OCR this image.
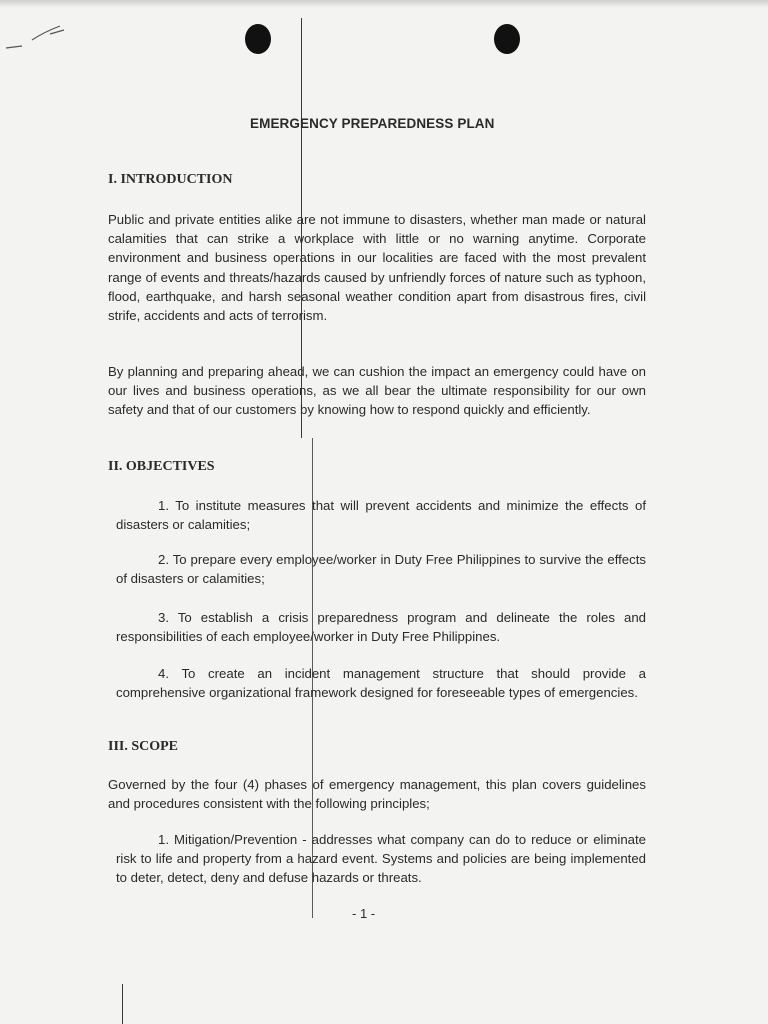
EMERGENCY PREPAREDNESS PLAN
I. INTRODUCTION
Public and private entities alike are not immune to disasters, whether man made or natural calamities that can strike a workplace with little or no warning anytime. Corporate environment and business operations in our localities are faced with the most prevalent range of events and threats/hazards caused by unfriendly forces of nature such as typhoon, flood, earthquake, and harsh seasonal weather condition apart from disastrous fires, civil strife, accidents and acts of terrorism.
By planning and preparing ahead, we can cushion the impact an emergency could have on our lives and business operations, as we all bear the ultimate responsibility for our own safety and that of our customers by knowing how to respond quickly and efficiently.
II. OBJECTIVES
1. To institute measures that will prevent accidents and minimize the effects of disasters or calamities;
2. To prepare every employee/worker in Duty Free Philippines to survive the effects of disasters or calamities;
3. To establish a crisis preparedness program and delineate the roles and responsibilities of each employee/worker in Duty Free Philippines.
4. To create an incident management structure that should provide a comprehensive organizational framework designed for foreseeable types of emergencies.
III. SCOPE
Governed by the four (4) phases of emergency management, this plan covers guidelines and procedures consistent with the following principles;
1. Mitigation/Prevention - addresses what company can do to reduce or eliminate risk to life and property from a hazard event. Systems and policies are being implemented to deter, detect, deny and defuse hazards or threats.
- 1 -
